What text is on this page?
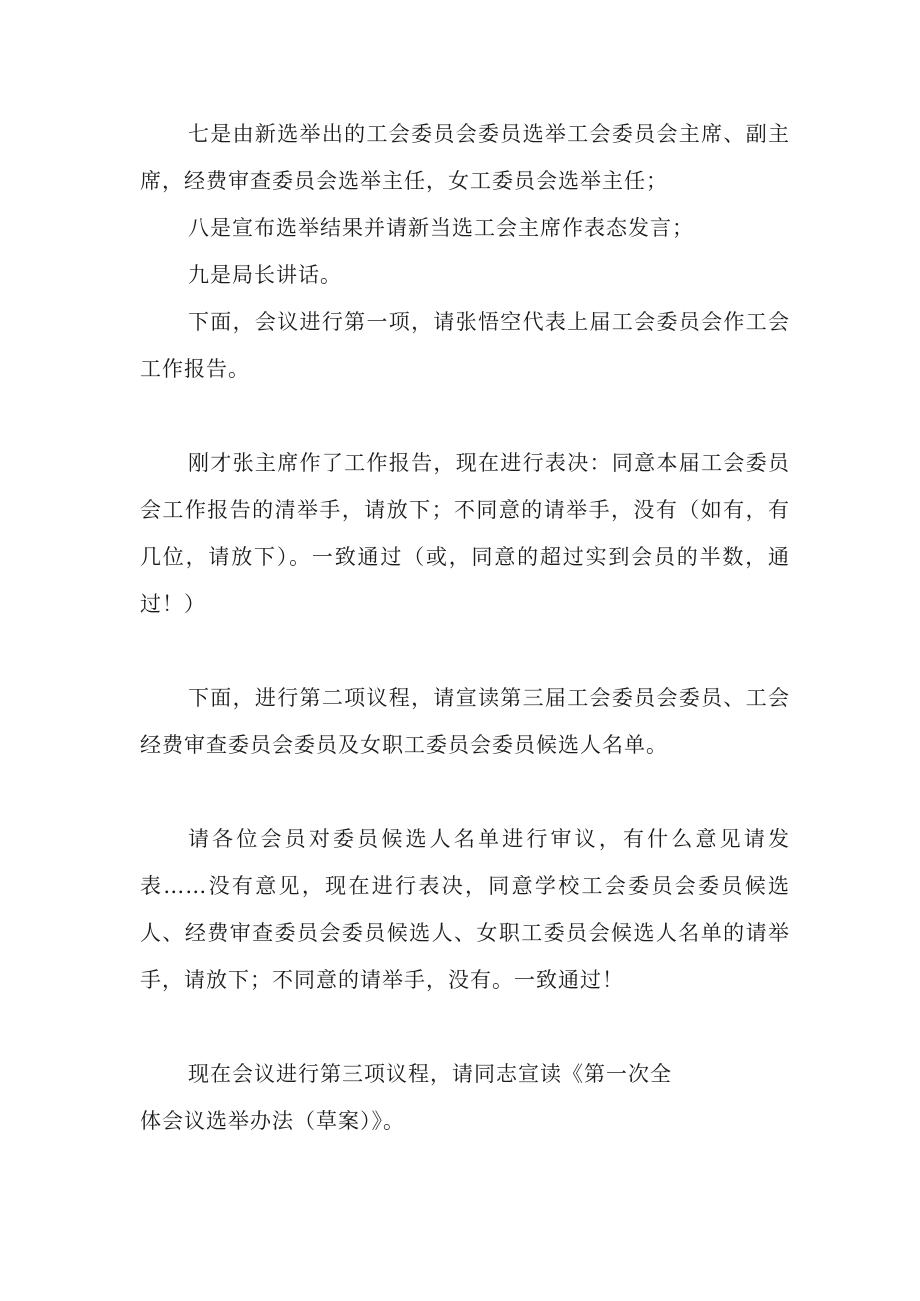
七是由新选举出的工会委员会委员选举工会委员会主席、副主席，经费审查委员会选举主任，女工委员会选举主任；

八是宣布选举结果并请新当选工会主席作表态发言；

九是局长讲话。

下面，会议进行第一项，请张悟空代表上届工会委员会作工会工作报告。

刚才张主席作了工作报告，现在进行表决：同意本届工会委员会工作报告的清举手，请放下；不同意的请举手，没有（如有，有几位，请放下）。一致通过（或，同意的超过实到会员的半数，通过！）

下面，进行第二项议程，请宣读第三届工会委员会委员、工会经费审查委员会委员及女职工委员会委员候选人名单。

请各位会员对委员候选人名单进行审议，有什么意见请发表……没有意见，现在进行表决，同意学校工会委员会委员候选人、经费审查委员会委员候选人、女职工委员会候选人名单的请举手，请放下；不同意的请举手，没有。一致通过！

现在会议进行第三项议程，请同志宣读《第一次全体会议选举办法（草案）》。
